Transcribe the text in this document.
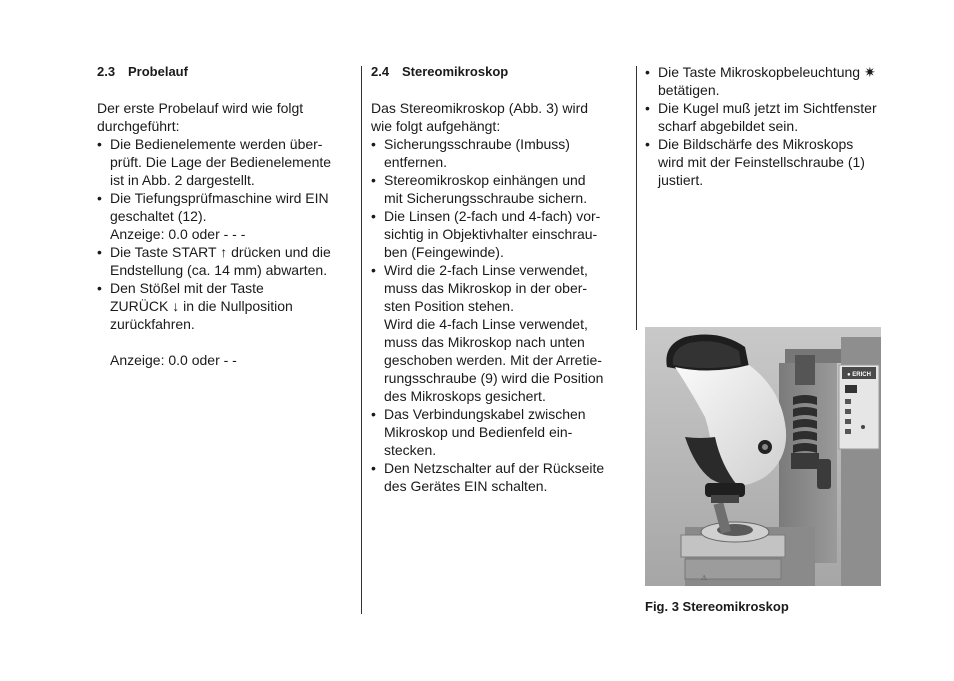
2.3 Probelauf

Der erste Probelauf wird wie folgt
durchgeführt:

• Die Bedienelemente werden über-
prüft. Die Lage der Bedienelemente
ist in Abb. 2 dargestellt.
• Die Tiefungsprüfmaschine wird EIN
geschaltet (12).
Anzeige: 0.0 oder - - -
• Die Taste START ↑ drücken und die
Endstellung (ca. 14 mm) abwarten.
• Den Stößel mit der Taste
ZURÜCK ↓ in die Nullposition
zurückfahren.

Anzeige: 0.0 oder - -

2.4 Stereomikroskop

Das Stereomikroskop (Abb. 3) wird
wie folgt aufgehängt:

• Sicherungsschraube (Imbuss)
entfernen.
• Stereomikroskop einhängen und
mit Sicherungsschraube sichern.
• Die Linsen (2-fach und 4-fach) vor-
sichtig in Objektivhalter einschrau-
ben (Feingewinde).
• Wird die 2-fach Linse verwendet,
muss das Mikroskop in der ober-
sten Position stehen.
Wird die 4-fach Linse verwendet,
muss das Mikroskop nach unten
geschoben werden. Mit der Arretie-
rungsschraube (9) wird die Position
des Mikroskops gesichert.
• Das Verbindungskabel zwischen
Mikroskop und Bedienfeld ein-
stecken.
• Den Netzschalter auf der Rückseite
des Gerätes EIN schalten.
• Die Taste Mikroskopbeleuchtung ✷
betätigen.
• Die Kugel muß jetzt im Sichtfenster
scharf abgebildet sein.
• Die Bildschärfe des Mikroskops
wird mit der Feinstellschraube (1)
justiert.
● ERICH
⚠
Fig. 3 Stereomikroskop
